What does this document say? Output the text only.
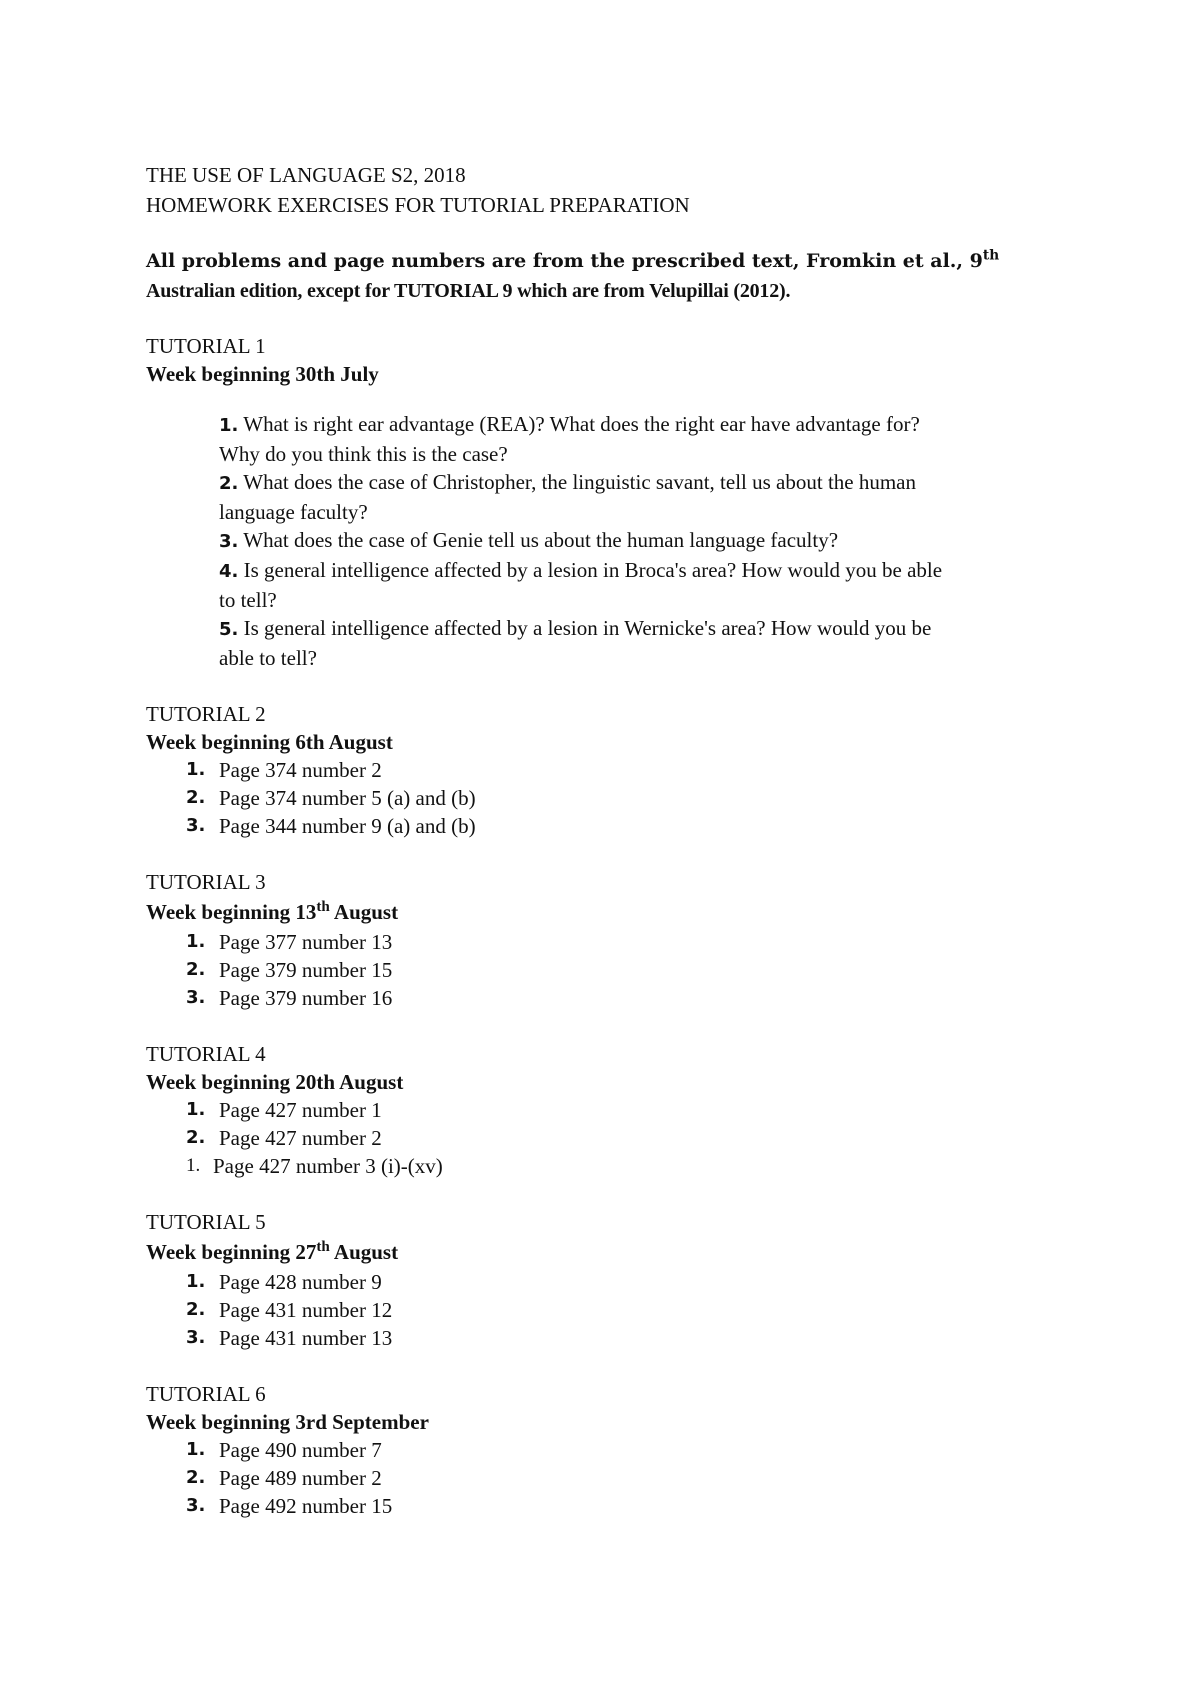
THE USE OF LANGUAGE S2, 2018
HOMEWORK EXERCISES FOR TUTORIAL PREPARATION
All problems and page numbers are from the prescribed text, Fromkin et al., 9th
Australian edition, except for TUTORIAL 9 which are from Velupillai (2012).
TUTORIAL 1
Week beginning 30th July
1. What is right ear advantage (REA)? What does the right ear have advantage for?
Why do you think this is the case?
2. What does the case of Christopher, the linguistic savant, tell us about the human
language faculty?
3. What does the case of Genie tell us about the human language faculty?
4. Is general intelligence affected by a lesion in Broca's area? How would you be able
to tell?
5. Is general intelligence affected by a lesion in Wernicke's area? How would you be
able to tell?
TUTORIAL 2
Week beginning 6th August
1. Page 374 number 2
2. Page 374 number 5 (a) and (b)
3. Page 344 number 9 (a) and (b)
TUTORIAL 3
Week beginning 13th August
1. Page 377 number 13
2. Page 379 number 15
3. Page 379 number 16
TUTORIAL 4
Week beginning 20th August
1. Page 427 number 1
2. Page 427 number 2
1. Page 427 number 3 (i)-(xv)
TUTORIAL 5
Week beginning 27th August
1. Page 428 number 9
2. Page 431 number 12
3. Page 431 number 13
TUTORIAL 6
Week beginning 3rd September
1. Page 490 number 7
2. Page 489 number 2
3. Page 492 number 15
